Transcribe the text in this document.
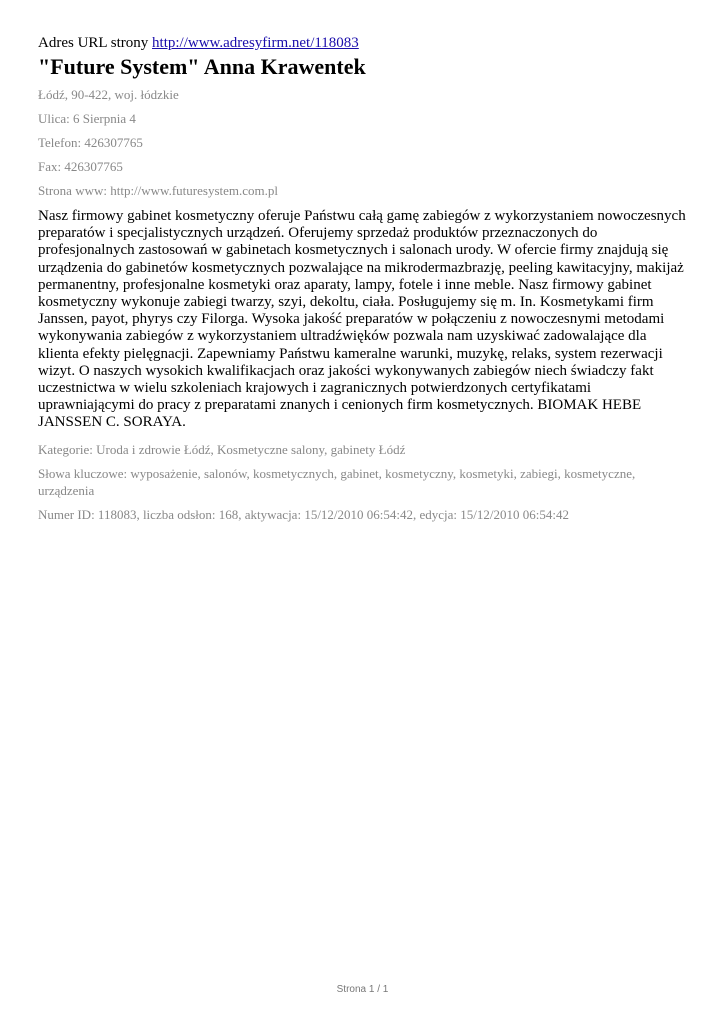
Adres URL strony http://www.adresyfirm.net/118083

"Future System" Anna Krawentek

Łódź, 90-422, woj. łódzkie

Ulica: 6 Sierpnia 4

Telefon: 426307765

Fax: 426307765

Strona www: http://www.futuresystem.com.pl

Nasz firmowy gabinet kosmetyczny oferuje Państwu całą gamę zabiegów z wykorzystaniem nowoczesnych preparatów i specjalistycznych urządzeń. Oferujemy sprzedaż produktów przeznaczonych do profesjonalnych zastosowań w gabinetach kosmetycznych i salonach urody. W ofercie firmy znajdują się urządzenia do gabinetów kosmetycznych pozwalające na mikrodermazbrazję, peeling kawitacyjny, makijaż permanentny, profesjonalne kosmetyki oraz aparaty, lampy, fotele i inne meble. Nasz firmowy gabinet kosmetyczny wykonuje zabiegi twarzy, szyi, dekoltu, ciała. Posługujemy się m. In. Kosmetykami firm Janssen, payot, phyrys czy Filorga. Wysoka jakość preparatów w połączeniu z nowoczesnymi metodami wykonywania zabiegów z wykorzystaniem ultradźwięków pozwala nam uzyskiwać zadowalające dla klienta efekty pielęgnacji. Zapewniamy Państwu kameralne warunki, muzykę, relaks, system rezerwacji wizyt. O naszych wysokich kwalifikacjach oraz jakości wykonywanych zabiegów niech świadczy fakt uczestnictwa w wielu szkoleniach krajowych i zagranicznych potwierdzonych certyfikatami uprawniającymi do pracy z preparatami znanych i cenionych firm kosmetycznych. BIOMAK HEBE JANSSEN C. SORAYA.

Kategorie: Uroda i zdrowie Łódź, Kosmetyczne salony, gabinety Łódź

Słowa kluczowe: wyposażenie, salonów, kosmetycznych, gabinet, kosmetyczny, kosmetyki, zabiegi, kosmetyczne, urządzenia

Numer ID: 118083, liczba odsłon: 168, aktywacja: 15/12/2010 06:54:42, edycja: 15/12/2010 06:54:42

Strona 1 / 1
